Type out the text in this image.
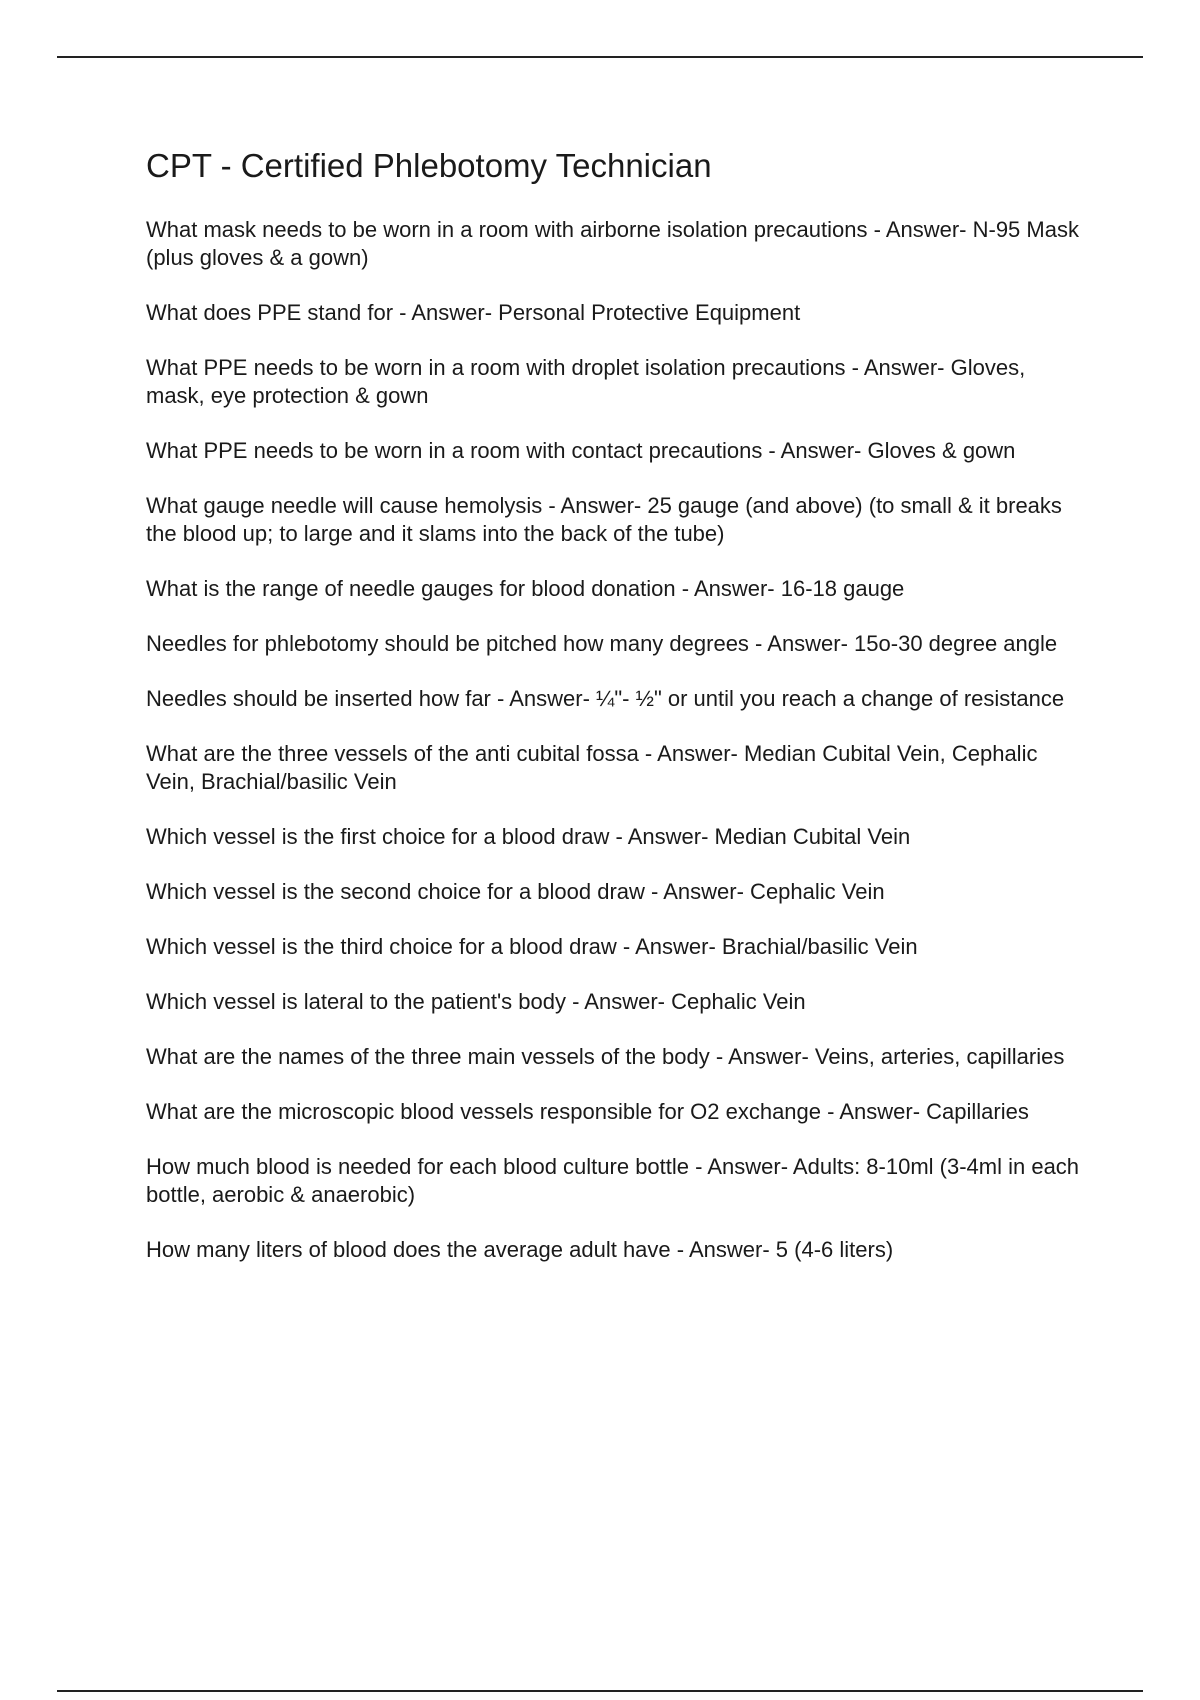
CPT - Certified Phlebotomy Technician
What mask needs to be worn in a room with airborne isolation precautions - Answer- N-95 Mask (plus gloves & a gown)
What does PPE stand for - Answer- Personal Protective Equipment
What PPE needs to be worn in a room with droplet isolation precautions - Answer- Gloves, mask, eye protection & gown
What PPE needs to be worn in a room with contact precautions - Answer- Gloves & gown
What gauge needle will cause hemolysis - Answer- 25 gauge (and above) (to small & it breaks the blood up; to large and it slams into the back of the tube)
What is the range of needle gauges for blood donation - Answer- 16-18 gauge
Needles for phlebotomy should be pitched how many degrees - Answer- 15o-30 degree angle
Needles should be inserted how far - Answer- ¼"- ½" or until you reach a change of resistance
What are the three vessels of the anti cubital fossa - Answer- Median Cubital Vein, Cephalic Vein, Brachial/basilic Vein
Which vessel is the first choice for a blood draw - Answer- Median Cubital Vein
Which vessel is the second choice for a blood draw - Answer- Cephalic Vein
Which vessel is the third choice for a blood draw - Answer- Brachial/basilic Vein
Which vessel is lateral to the patient's body - Answer- Cephalic Vein
What are the names of the three main vessels of the body - Answer- Veins, arteries, capillaries
What are the microscopic blood vessels responsible for O2 exchange - Answer- Capillaries
How much blood is needed for each blood culture bottle - Answer- Adults: 8-10ml (3-4ml in each bottle, aerobic & anaerobic)
How many liters of blood does the average adult have - Answer- 5 (4-6 liters)
